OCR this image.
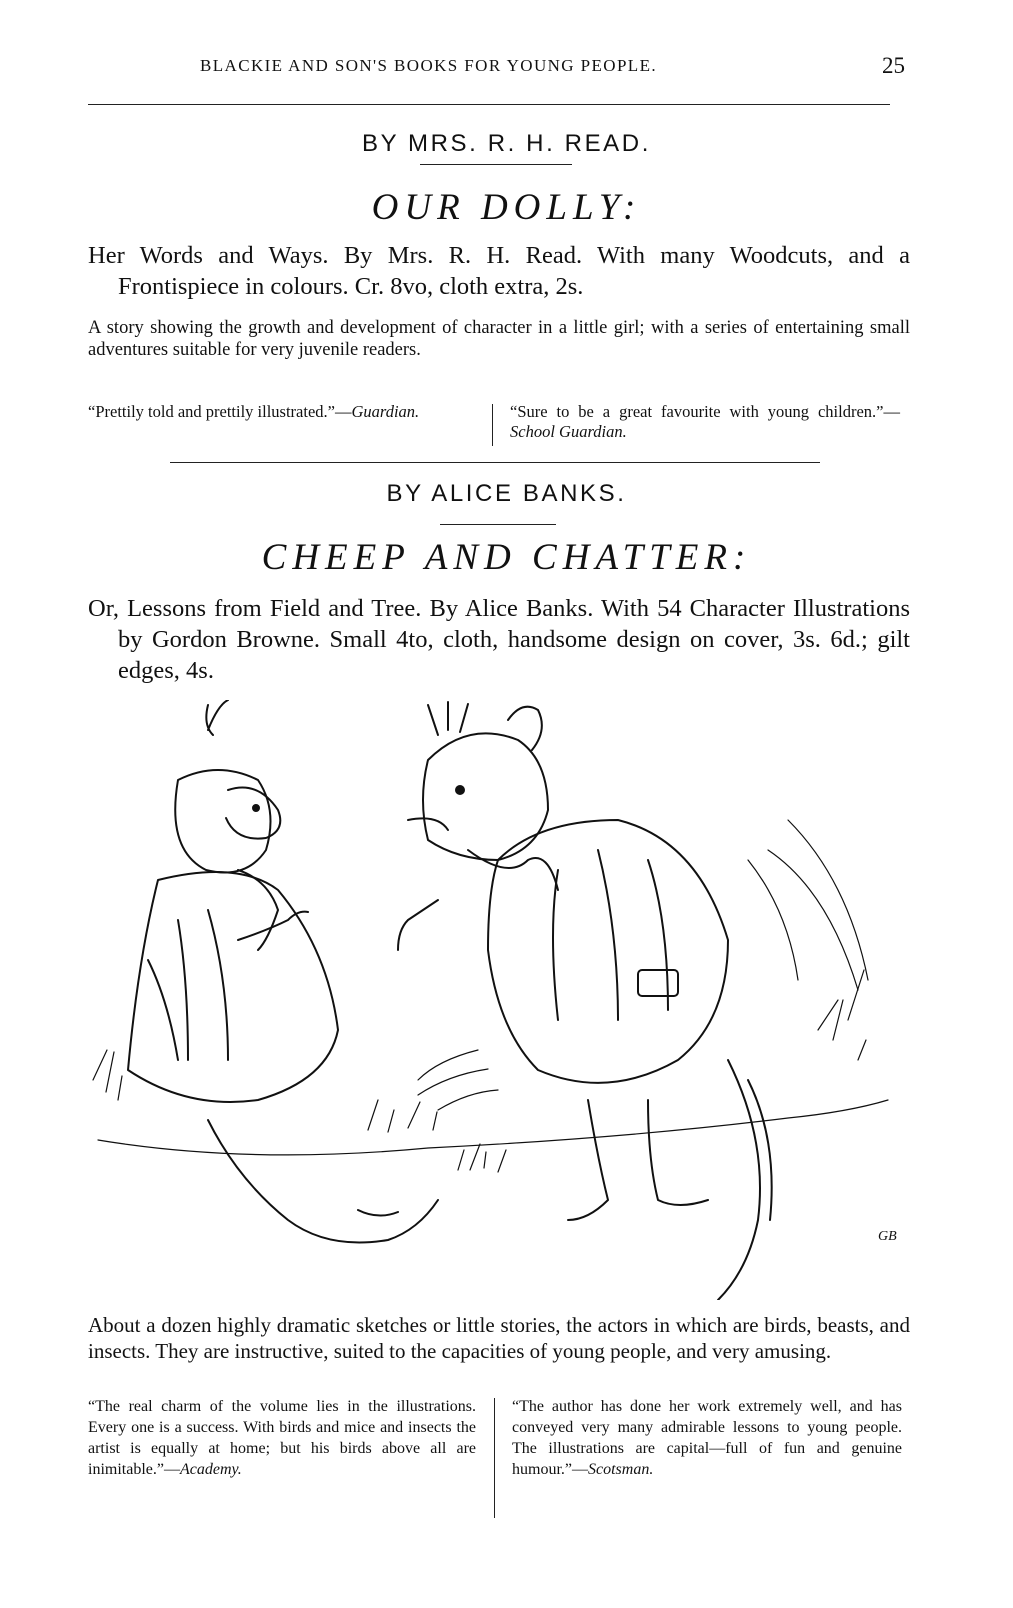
BLACKIE AND SON'S BOOKS FOR YOUNG PEOPLE.	25
BY MRS. R. H. READ.
OUR DOLLY:
Her Words and Ways. By Mrs. R. H. Read. With many Woodcuts, and a Frontispiece in colours. Cr. 8vo, cloth extra, 2s.
A story showing the growth and development of character in a little girl; with a series of entertaining small adventures suitable for very juvenile readers.
“Prettily told and prettily illustrated.”—Guardian.	“Sure to be a great favourite with young children.”—School Guardian.
BY ALICE BANKS.
CHEEP AND CHATTER:
Or, Lessons from Field and Tree. By Alice Banks. With 54 Character Illustrations by Gordon Browne. Small 4to, cloth, handsome design on cover, 3s. 6d.; gilt edges, 4s.
GB
About a dozen highly dramatic sketches or little stories, the actors in which are birds, beasts, and insects. They are instructive, suited to the capacities of young people, and very amusing.
“The real charm of the volume lies in the illustrations. Every one is a success. With birds and mice and insects the artist is equally at home; but his birds above all are inimitable.”—Academy.
“The author has done her work extremely well, and has conveyed very many admirable lessons to young people. The illustrations are capital—full of fun and genuine humour.”—Scotsman.
